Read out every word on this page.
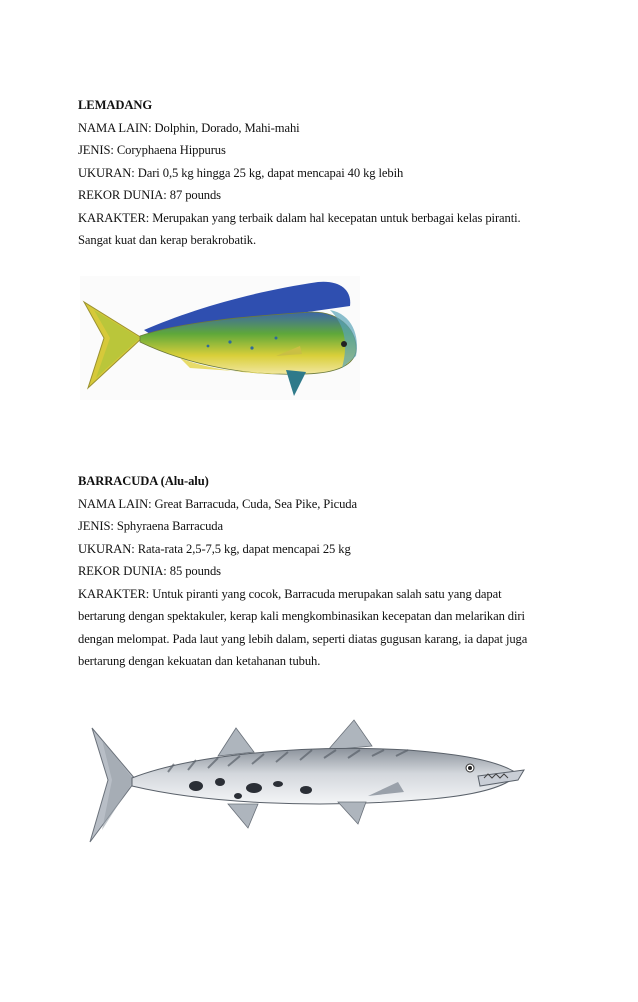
LEMADANG
NAMA LAIN: Dolphin, Dorado, Mahi-mahi
JENIS: Coryphaena Hippurus
UKURAN: Dari 0,5 kg hingga 25 kg, dapat mencapai 40 kg lebih
REKOR DUNIA: 87 pounds
KARAKTER: Merupakan yang terbaik dalam hal kecepatan untuk berbagai kelas piranti.
Sangat kuat dan kerap berakrobatik.
BARRACUDA (Alu-alu)
NAMA LAIN: Great Barracuda, Cuda, Sea Pike, Picuda
JENIS: Sphyraena Barracuda
UKURAN: Rata-rata 2,5-7,5 kg, dapat mencapai 25 kg
REKOR DUNIA: 85 pounds
KARAKTER: Untuk piranti yang cocok, Barracuda merupakan salah satu yang dapat
bertarung dengan spektakuler, kerap kali mengkombinasikan kecepatan dan melarikan diri
dengan melompat. Pada laut yang lebih dalam, seperti diatas gugusan karang, ia dapat juga
bertarung dengan kekuatan dan ketahanan tubuh.
